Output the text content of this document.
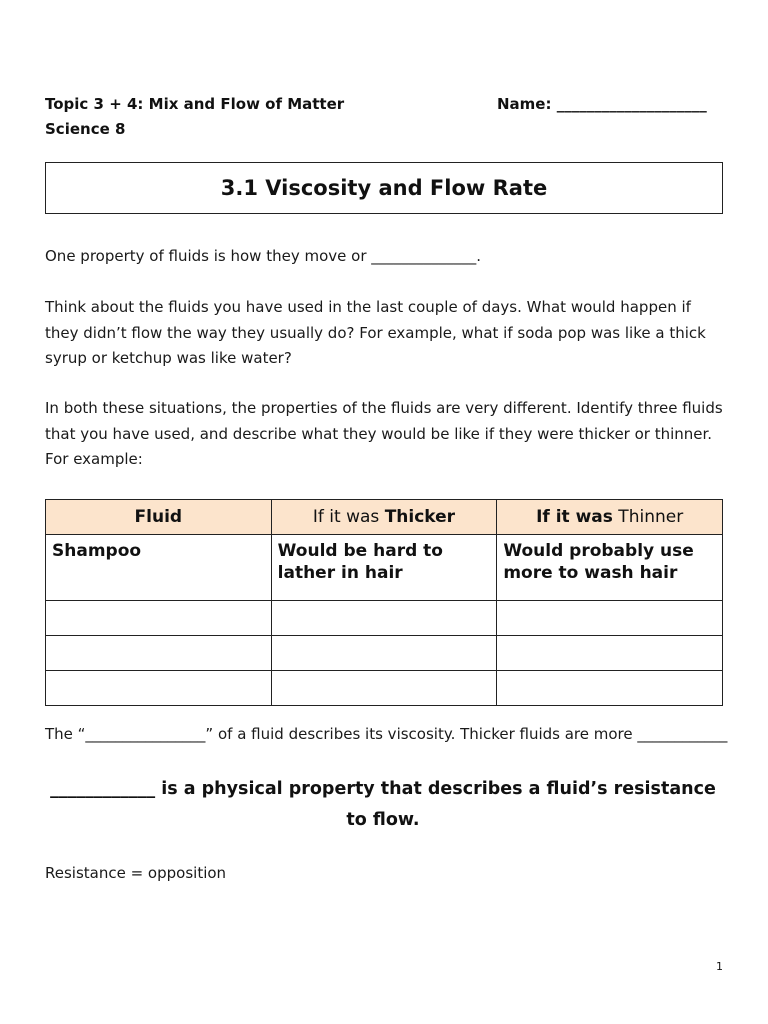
Topic 3 + 4: Mix and Flow of Matter
Science 8
Name: ____________________
3.1 Viscosity and Flow Rate
One property of fluids is how they move or ______________.
Think about the fluids you have used in the last couple of days. What would happen if they didn’t flow the way they usually do? For example, what if soda pop was like a thick syrup or ketchup was like water?
In both these situations, the properties of the fluids are very different. Identify three fluids that you have used, and describe what they would be like if they were thicker or thinner. For example:
Fluid	If it was Thicker	If it was Thinner
Shampoo	Would be hard to lather in hair	Would probably use more to wash hair

The “________________” of a fluid describes its viscosity. Thicker fluids are more ____________
____________ is a physical property that describes a fluid’s resistance to flow.
Resistance = opposition
1
